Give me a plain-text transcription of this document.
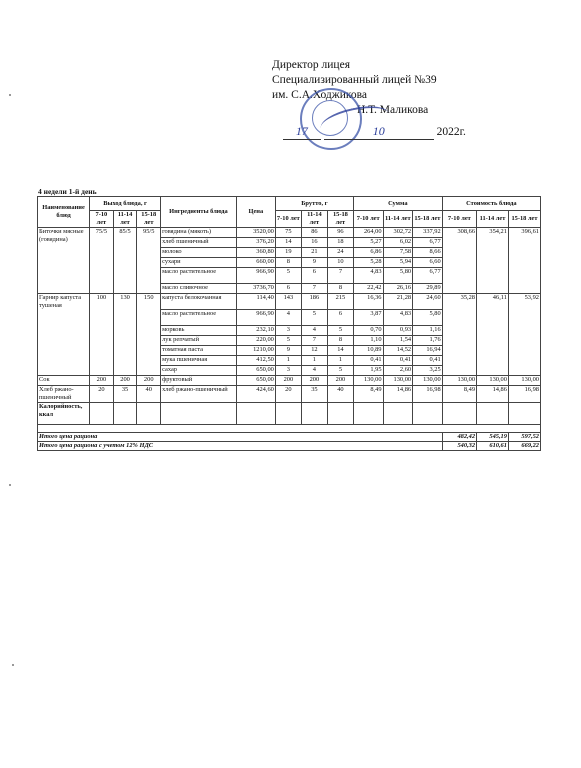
Директор лицея
Специализированный лицей №39
им. С.А.Ходжикова
Н.Т. Маликова
17	10	2022г.
4 недели 1-й день
Наименование блюд	Выход блюда, г			Ингредиенты блюда	Цена	Брутто, г			Сумма			Стоимость блюда		
	7-10 лет	11-14 лет	15-18 лет			7-10 лет	11-14 лет	15-18 лет	7-10 лет	11-14 лет	15-18 лет	7-10 лет	11-14 лет	15-18 лет
Биточки мясные (говядина)	75/5	85/5	95/5	говядина (мякоть)	3520,00	75	86	96	264,00	302,72	337,92	308,66	354,21	396,61
				хлеб пшеничный	376,20	14	16	18	5,27	6,02	6,77			
				молоко	360,80	19	21	24	6,86	7,58	8,66			
				сухари	660,00	8	9	10	5,28	5,94	6,60			
				масло растительное	966,90	5	6	7	4,83	5,80	6,77			
				масло сливочное	3736,70	6	7	8	22,42	26,16	29,89			
Гарнир капуста тушеная	100	130	150	капуста белокочанная	114,40	143	186	215	16,36	21,28	24,60	35,28	46,11	53,92
				масло растительное	966,90	4	5	6	3,87	4,83	5,80			
				морковь	232,10	3	4	5	0,70	0,93	1,16			
				лук репчатый	220,00	5	7	8	1,10	1,54	1,76			
				томатная паста	1210,00	9	12	14	10,89	14,52	16,94			
				мука пшеничная	412,50	1	1	1	0,41	0,41	0,41			
				сахар	650,00	3	4	5	1,95	2,60	3,25			
Сок	200	200	200	фруктовый	650,00	200	200	200	130,00	130,00	130,00	130,00	130,00	130,00
Хлеб ржано-пшеничный	20	35	40	хлеб ржано-пшеничный	424,60	20	35	40	8,49	14,86	16,98	8,49	14,86	16,98
Калорийность, ккал														

Итого цена рациона												482,42	545,19	597,52
Итого цена рациона с учетом 12% НДС												540,32	610,61	669,22
